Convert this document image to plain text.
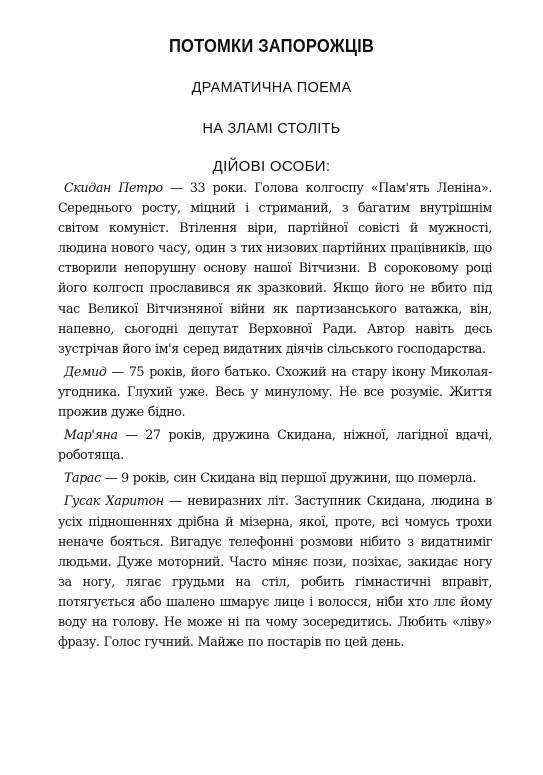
ПОТОМКИ ЗАПОРОЖЦІВ
ДРАМАТИЧНА ПОЕМА
НА ЗЛАМІ СТОЛІТЬ
ДІЙОВІ ОСОБИ:

Скидан Петро — 33 роки. Голова колгоспу «Пам'ять Леніна». Середнього росту, міцний і стриманий, з багатим внутрішнім світом комуніст. Втілення віри, партійної совісті й мужності, людина нового часу, один з тих низових партійних працівників, що створили непорушну основу нашої Вітчизни. В сороковому році його колгосп прославився як зразковий. Якщо його не вбито під час Великої Вітчизняної війни як партизанського ватажка, він, напевно, сьогодні депутат Верховної Ради. Автор навіть десь зустрічав його ім'я серед видатних діячів сільського господарства.

Демид — 75 років, його батько. Схожий на стару ікону Миколая-угодника. Глухий уже. Весь у минулому. Не все розуміє. Життя прожив дуже бідно.

Мар'яна — 27 років, дружина Скидана, ніжної, лагідної вдачі, роботяща.

Тарас — 9 років, син Скидана від першої дружини, що померла.

Гусак Харитон — невиразних літ. Заступник Скидана, людина в усіх підношеннях дрібна й мізерна, якої, проте, всі чомусь трохи неначе бояться. Вигадує телефонні розмови нібито з видатниміг людьми. Дуже моторний. Часто міняє пози, позіхає, закидає ногу за ногу, лягає грудьми на стіл, робить гімнастичні вправіт, потягується або шалено шмарує лице і волосся, ніби хто ллє йому воду на голову. Не може ні па чому зосередитись. Любить «ліву» фразу. Голос гучний. Майже по постарів по цей день.
